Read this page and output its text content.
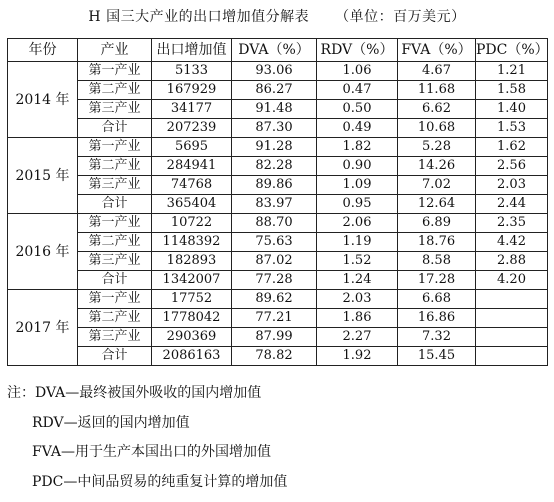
H 国三大产业的出口增加值分解表 （单位：百万美元）
年份	产业	出口增加值	DVA（%）	RDV（%）	FVA（%）	PDC（%）
2014 年	第一产业	5133	93.06	1.06	4.67	1.21
	第二产业	167929	86.27	0.47	11.68	1.58
	第三产业	34177	91.48	0.50	6.62	1.40
	合计	207239	87.30	0.49	10.68	1.53
2015 年	第一产业	5695	91.28	1.82	5.28	1.62
	第二产业	284941	82.28	0.90	14.26	2.56
	第三产业	74768	89.86	1.09	7.02	2.03
	合计	365404	83.97	0.95	12.64	2.44
2016 年	第一产业	10722	88.70	2.06	6.89	2.35
	第二产业	1148392	75.63	1.19	18.76	4.42
	第三产业	182893	87.02	1.52	8.58	2.88
	合计	1342007	77.28	1.24	17.28	4.20
2017 年	第一产业	17752	89.62	2.03	6.68	
	第二产业	1778042	77.21	1.86	16.86	
	第三产业	290369	87.99	2.27	7.32	
	合计	2086163	78.82	1.92	15.45	
注：DVA—最终被国外吸收的国内增加值
RDV—返回的国内增加值
FVA—用于生产本国出口的外国增加值
PDC—中间品贸易的纯重复计算的增加值
